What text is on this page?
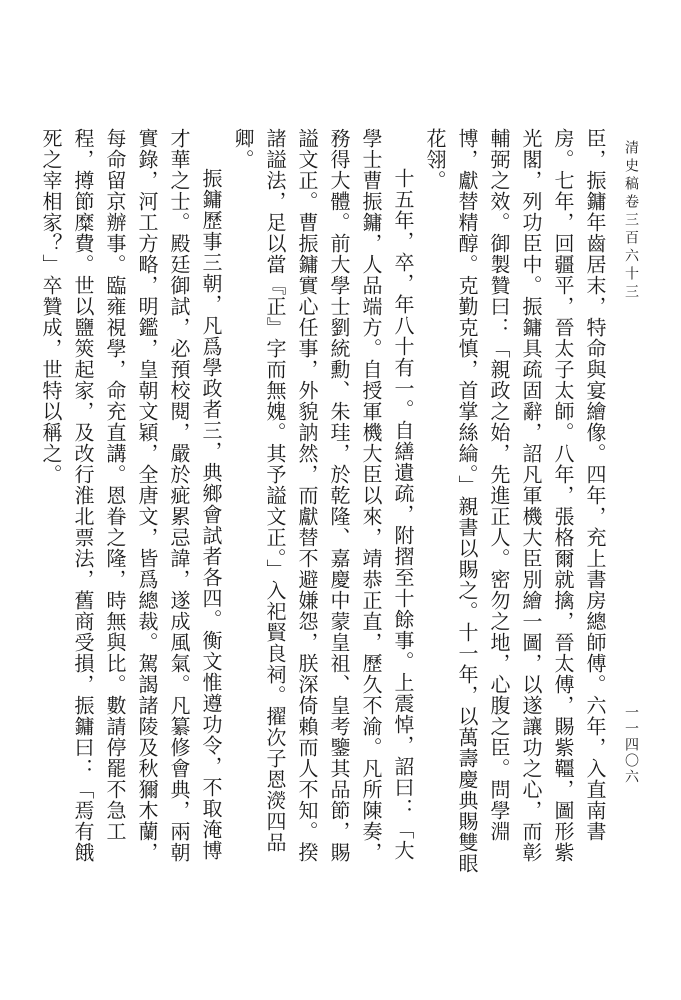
清史稿卷三百六十三
一一四〇六

臣，振鏞年齒居末，特命與宴繪像。四年，充上書房總師傅。六年，入直南書房。七年，回疆平，晉太子太師。八年，張格爾就擒，晉太傅，賜紫韁，圖形紫光閣，列功臣中。振鏞具疏固辭，詔凡軍機大臣別繪一圖，以遂讓功之心，而彰輔弼之效。御製贊曰：「親政之始，先進正人。密勿之地，心腹之臣。問學淵博，獻替精醇。克勤克慎，首掌絲綸。」親書以賜之。十一年，以萬壽慶典賜雙眼花翎。

十五年，卒，年八十有一。自繕遺疏，附摺至十餘事。上震悼，詔曰：「大學士曹振鏞，人品端方。自授軍機大臣以來，靖恭正直，歷久不渝。凡所陳奏，務得大體。前大學士劉統勳、朱珪，於乾隆、嘉慶中蒙皇祖、皇考鑒其品節，賜謚文正。曹振鏞實心任事，外貌訥然，而獻替不避嫌怨，朕深倚賴而人不知。揆諸謚法，足以當『正』字而無媿。其予謚文正。」入祀賢良祠。擢次子恩濙四品卿。

振鏞歷事三朝，凡爲學政者三，典鄉會試者各四。衡文惟遵功令，不取淹博才華之士。殿廷御試，必預校閱，嚴於疵累忌諱，遂成風氣。凡纂修會典，兩朝實錄，河工方略，明鑑，皇朝文穎，全唐文，皆爲總裁。駕謁諸陵及秋獮木蘭，每命留京辦事。臨雍視學，命充直講。恩眷之隆，時無與比。數請停罷不急工程，撙節糜費。世以鹽筴起家，及改行淮北票法，舊商受損，振鏞曰：「焉有餓死之宰相家？」卒贊成，世特以稱之。
